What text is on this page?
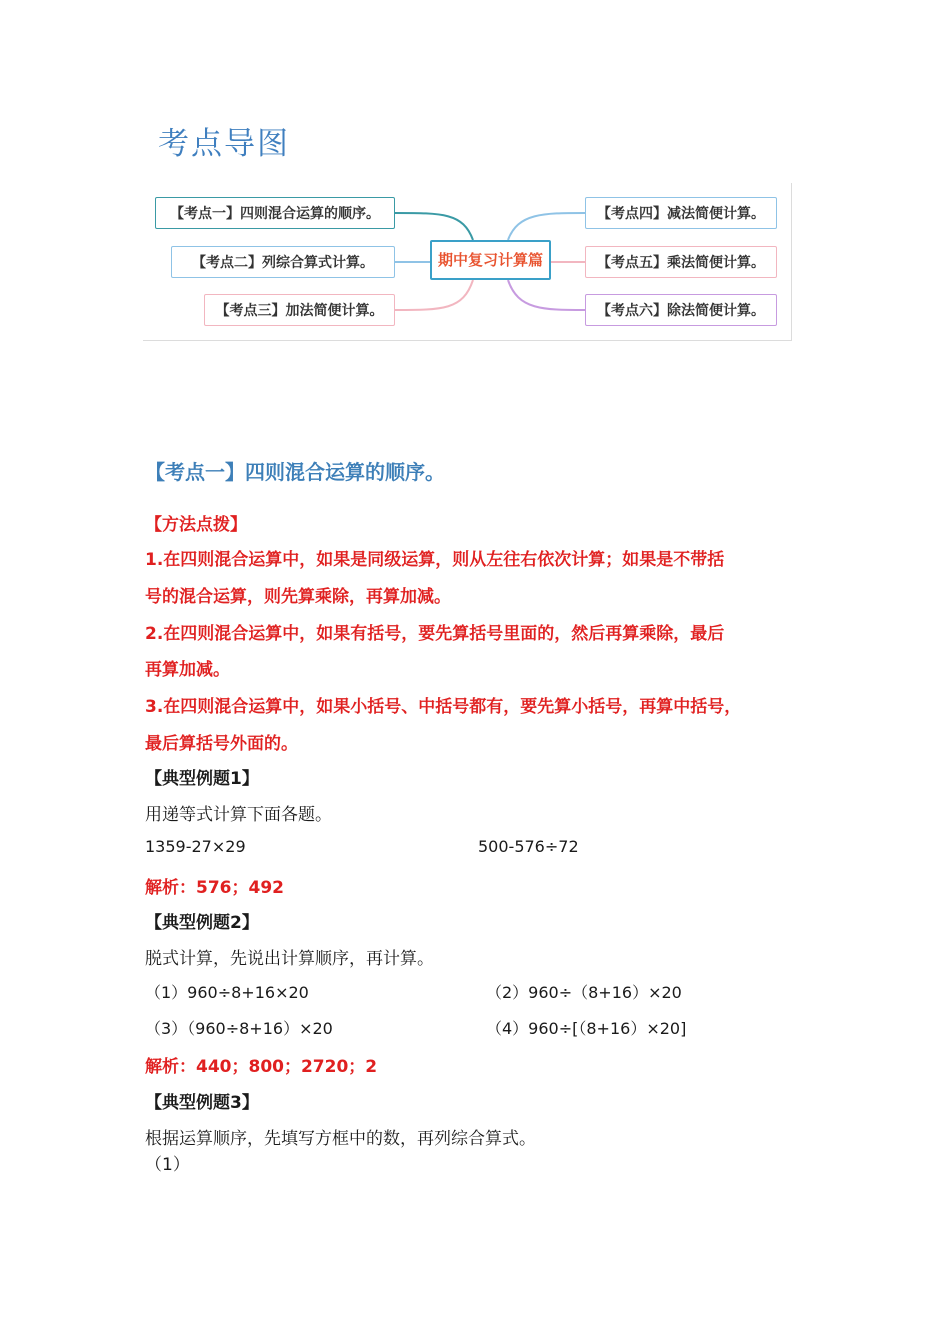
考点导图
【考点一】四则混合运算的顺序。
【考点二】列综合算式计算。
【考点三】加法简便计算。
期中复习计算篇
【考点四】减法简便计算。
【考点五】乘法简便计算。
【考点六】除法简便计算。
【考点一】四则混合运算的顺序。
【方法点拨】
1.在四则混合运算中，如果是同级运算，则从左往右依次计算；如果是不带括
号的混合运算，则先算乘除，再算加减。
2.在四则混合运算中，如果有括号，要先算括号里面的，然后再算乘除，最后
再算加减。
3.在四则混合运算中，如果小括号、中括号都有，要先算小括号，再算中括号，
最后算括号外面的。
【典型例题1】
用递等式计算下面各题。
1359-27×29	500-576÷72
解析：576；492
【典型例题2】
脱式计算，先说出计算顺序，再计算。
（1）960÷8+16×20	（2）960÷（8+16）×20
（3）（960÷8+16）×20	（4）960÷[（8+16）×20]
解析：440；800；2720；2
【典型例题3】
根据运算顺序，先填写方框中的数，再列综合算式。
（1）
